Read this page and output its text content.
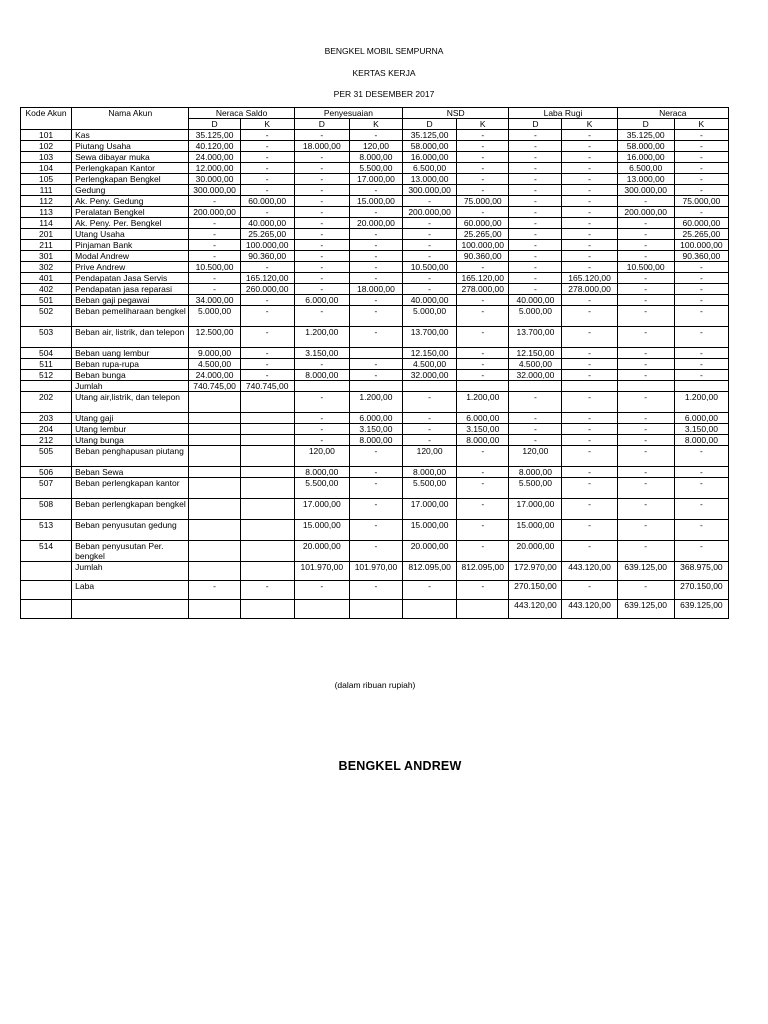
BENGKEL MOBIL SEMPURNA
KERTAS KERJA
PER 31 DESEMBER 2017
Kode Akun	Nama Akun	Neraca Saldo		Penyesuaian		NSD		Laba Rugi		Neraca	
		D	K	D	K	D	K	D	K	D	K
101	Kas	35.125,00	-	-	-	35.125,00	-	-	-	35.125,00	-
102	Piutang Usaha	40.120,00	-	18.000,00	120,00	58.000,00	-	-	-	58.000,00	-
103	Sewa dibayar muka	24.000,00	-	-	8.000,00	16.000,00	-	-	-	16.000,00	-
104	Perlengkapan Kantor	12.000,00	-	-	5.500,00	6.500,00	-	-	-	6.500,00	-
105	Perlengkapan Bengkel	30.000,00	-	-	17.000,00	13.000,00	-	-	-	13.000,00	-
111	Gedung	300.000,00	-	-	-	300.000,00	-	-	-	300.000,00	-
112	Ak. Peny. Gedung	-	60.000,00	-	15.000,00	-	75.000,00	-	-	-	75.000,00
113	Peralatan Bengkel	200.000,00	-	-	-	200.000,00	-	-	-	200.000,00	-
114	Ak. Peny. Per. Bengkel	-	40.000,00	-	20.000,00	-	60.000,00	-	-	-	60.000,00
201	Utang Usaha	-	25.265,00	-	-	-	25.265,00	-	-	-	25.265,00
211	Pinjaman Bank	-	100.000,00	-	-	-	100.000,00	-	-	-	100.000,00
301	Modal Andrew	-	90.360,00	-	-	-	90.360,00	-	-	-	90.360,00
302	Prive Andrew	10.500,00	-	-	-	10.500,00	-	-	-	10.500,00	-
401	Pendapatan Jasa Servis	-	165.120,00	-	-	-	165.120,00	-	165.120,00	-	-
402	Pendapatan jasa reparasi	-	260.000,00	-	18.000,00	-	278.000,00	-	278.000,00	-	-
501	Beban gaji pegawai	34.000,00	-	6.000,00	-	40.000,00	-	40.000,00	-	-	-
502	Beban pemeliharaan bengkel	5.000,00	-	-	-	5.000,00	-	5.000,00	-	-	-
503	Beban air, listrik, dan telepon	12.500,00	-	1.200,00	-	13.700,00	-	13.700,00	-	-	-
504	Beban uang lembur	9.000,00	-	3.150,00		12.150,00	-	12.150,00	-	-	-
511	Beban rupa-rupa	4.500,00	-	-	-	4.500,00	-	4.500,00	-	-	-
512	Beban bunga	24.000,00	-	8.000,00	-	32.000,00	-	32.000,00	-	-	-
	Jumlah	740.745,00	740.745,00								
202	Utang air,listrik, dan telepon			-	1.200,00	-	1.200,00	-	-	-	1.200,00
203	Utang gaji			-	6.000,00	-	6.000,00	-	-	-	6.000,00
204	Utang lembur			-	3.150,00	-	3.150,00	-	-	-	3.150,00
212	Utang bunga			-	8.000,00	-	8.000,00	-	-	-	8.000,00
505	Beban penghapusan piutang			120,00	-	120,00	-	120,00	-	-	-
506	Beban Sewa			8.000,00	-	8.000,00	-	8.000,00	-	-	-
507	Beban perlengkapan kantor			5.500,00	-	5.500,00	-	5.500,00	-	-	-
508	Beban perlengkapan bengkel			17.000,00	-	17.000,00	-	17.000,00	-	-	-
513	Beban penyusutan gedung			15.000,00	-	15.000,00	-	15.000,00	-	-	-
514	Beban penyusutan Per. bengkel			20.000,00	-	20.000,00	-	20.000,00	-	-	-
	Jumlah			101.970,00	101.970,00	812.095,00	812.095,00	172.970,00	443.120,00	639.125,00	368.975,00
	Laba	-	-	-	-	-	-	270.150,00	-	-	270.150,00
								443.120,00	443.120,00	639.125,00	639.125,00
(dalam ribuan rupiah)
BENGKEL ANDREW
